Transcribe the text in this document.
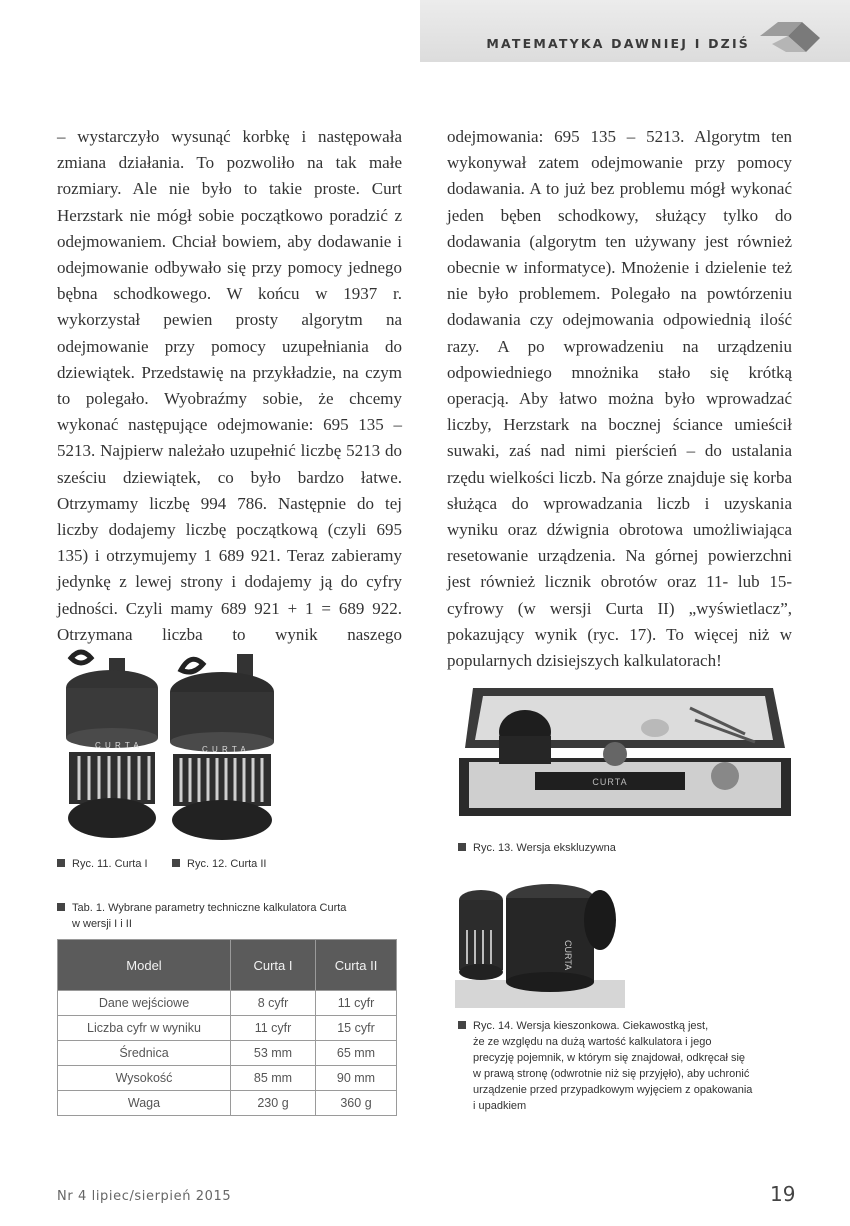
MATEMATYKA DAWNIEJ I DZIŚ
– wystarczyło wysunąć korbkę i następowała zmiana działania. To pozwoliło na tak małe rozmiary. Ale nie było to takie proste. Curt Herzstark nie mógł sobie początkowo poradzić z odejmowaniem. Chciał bowiem, aby dodawanie i odejmowanie odbywało się przy pomocy jednego bębna schodkowego. W końcu w 1937 r. wykorzystał pewien prosty algorytm na odejmowanie przy pomocy uzupełniania do dziewiątek. Przedstawię na przykładzie, na czym to polegało. Wyobraźmy sobie, że chcemy wykonać następujące odejmowanie: 695 135 – 5213. Najpierw należało uzupełnić liczbę 5213 do sześciu dziewiątek, co było bardzo łatwe. Otrzymamy liczbę 994 786. Następnie do tej liczby dodajemy liczbę początkową (czyli 695 135) i otrzymujemy 1 689 921. Teraz zabieramy jedynkę z lewej strony i dodajemy ją do cyfry jedności. Czyli mamy 689 921 + 1 = 689 922. Otrzymana liczba to wynik naszego
odejmowania: 695 135 – 5213. Algorytm ten wykonywał zatem odejmowanie przy pomocy dodawania. A to już bez problemu mógł wykonać jeden bęben schodkowy, służący tylko do dodawania (algorytm ten używany jest również obecnie w informatyce). Mnożenie i dzielenie też nie było problemem. Polegało na powtórzeniu dodawania czy odejmowania odpowiednią ilość razy. A po wprowadzeniu na urządzeniu odpowiedniego mnożnika stało się krótką operacją. Aby łatwo można było wprowadzać liczby, Herzstark na bocznej ściance umieścił suwaki, zaś nad nimi pierścień – do ustalania rzędu wielkości liczb. Na górze znajduje się korba służąca do wprowadzania liczb i uzyskania wyniku oraz dźwignia obrotowa umożliwiająca resetowanie urządzenia. Na górnej powierzchni jest również licznik obrotów oraz 11- lub 15-cyfrowy (w wersji Curta II) „wyświetlacz”, pokazujący wynik (ryc. 17). To więcej niż w popularnych dzisiejszych kalkulatorach!
C U R T A	C U R T A
Ryc. 11. Curta I	Ryc. 12. Curta II
CURTA
Ryc. 13. Wersja ekskluzywna
CURTA
Ryc. 14. Wersja kieszonkowa. Ciekawostką jest,
że ze względu na dużą wartość kalkulatora i jego
precyzję pojemnik, w którym się znajdował, odkręcał się
w prawą stronę (odwrotnie niż się przyjęło), aby uchronić
urządzenie przed przypadkowym wyjęciem z opakowania
i upadkiem
Tab. 1. Wybrane parametry techniczne kalkulatora Curta
w wersji I i II
Model	Curta I	Curta II
Dane wejściowe	8 cyfr	11 cyfr
Liczba cyfr w wyniku	11 cyfr	15 cyfr
Średnica	53 mm	65 mm
Wysokość	85 mm	90 mm
Waga	230 g	360 g
Nr 4 lipiec/sierpień 2015	19
